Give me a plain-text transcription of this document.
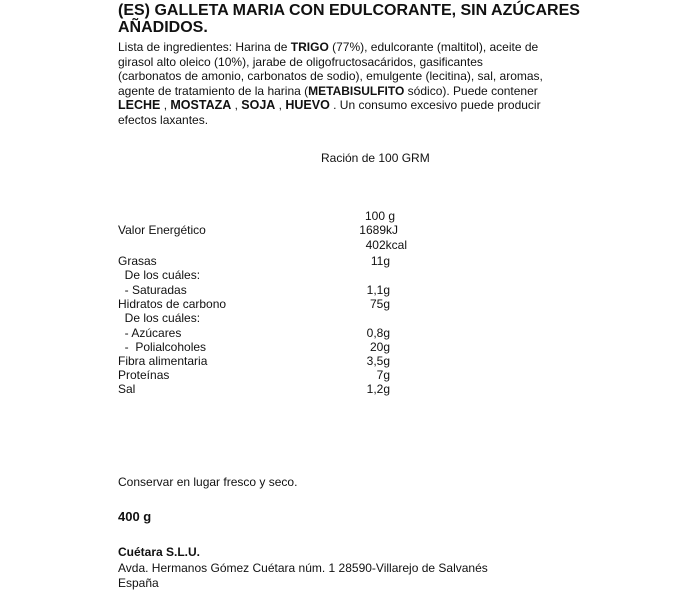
(ES) GALLETA MARIA CON EDULCORANTE, SIN AZÚCARES
AÑADIDOS.
Lista de ingredientes: Harina de TRIGO (77%), edulcorante (maltitol), aceite de
girasol alto oleico (10%), jarabe de oligofructosacáridos, gasificantes
(carbonatos de amonio, carbonatos de sodio), emulgente (lecitina), sal, aromas,
agente de tratamiento de la harina (METABISULFITO sódico). Puede contener
LECHE , MOSTAZA , SOJA , HUEVO . Un consumo excesivo puede producir
efectos laxantes.
Ración de 100 GRM
100 g
Valor Energético	1689kJ
402kcal
Grasas	11g
De los cuáles:
- Saturadas	1,1g
Hidratos de carbono	75g
De los cuáles:
- Azúcares	0,8g
-  Polialcoholes	20g
Fibra alimentaria	3,5g
Proteínas	7g
Sal	1,2g
Conservar en lugar fresco y seco.
400 g
Cuétara S.L.U.
Avda. Hermanos Gómez Cuétara núm. 1 28590-Villarejo de Salvanés
España
